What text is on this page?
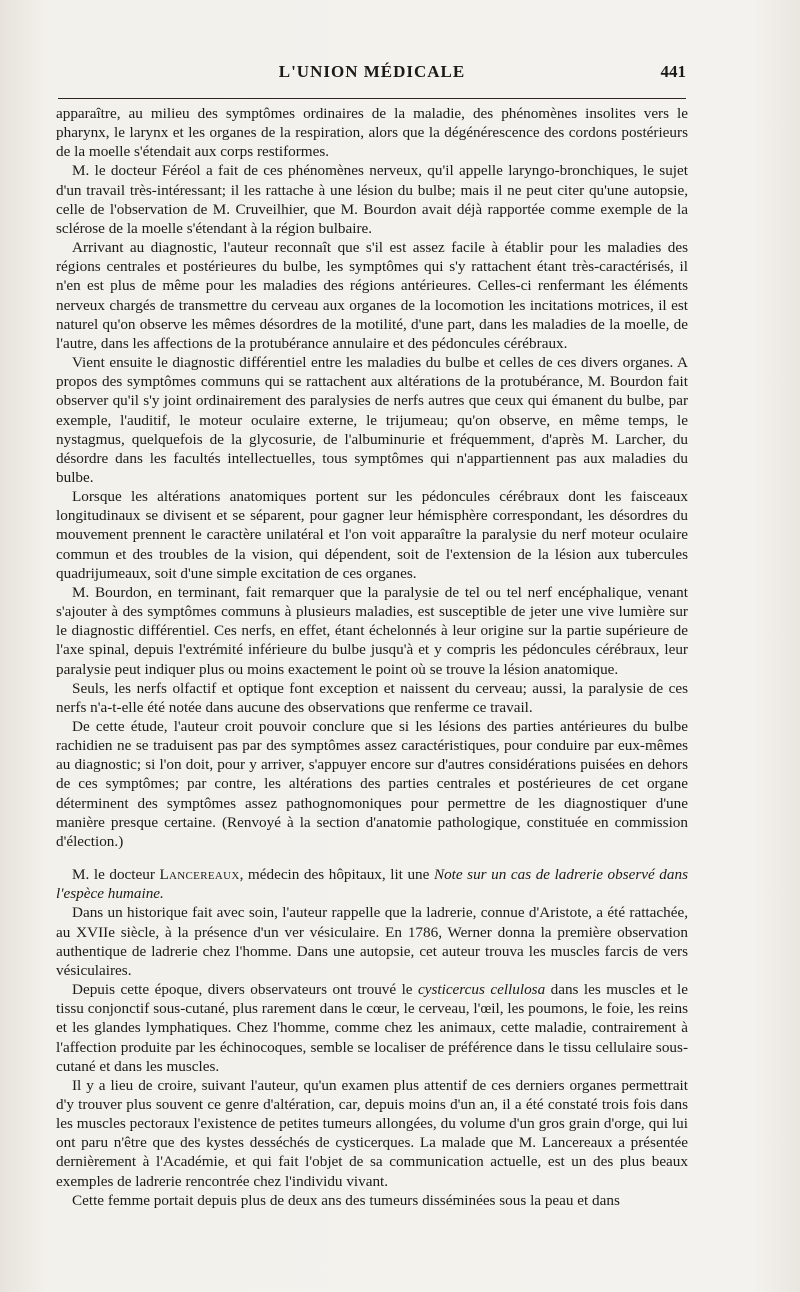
L'UNION MÉDICALE	441

apparaître, au milieu des symptômes ordinaires de la maladie, des phénomènes insolites vers le pharynx, le larynx et les organes de la respiration, alors que la dégénérescence des cordons postérieurs de la moelle s'étendait aux corps restiformes.

M. le docteur Féréol a fait de ces phénomènes nerveux, qu'il appelle laryngo-bronchiques, le sujet d'un travail très-intéressant; il les rattache à une lésion du bulbe; mais il ne peut citer qu'une autopsie, celle de l'observation de M. Cruveilhier, que M. Bourdon avait déjà rapportée comme exemple de la sclérose de la moelle s'étendant à la région bulbaire.

Arrivant au diagnostic, l'auteur reconnaît que s'il est assez facile à établir pour les maladies des régions centrales et postérieures du bulbe, les symptômes qui s'y rattachent étant très-caractérisés, il n'en est plus de même pour les maladies des régions antérieures. Celles-ci renfermant les éléments nerveux chargés de transmettre du cerveau aux organes de la locomotion les incitations motrices, il est naturel qu'on observe les mêmes désordres de la motilité, d'une part, dans les maladies de la moelle, de l'autre, dans les affections de la protubérance annulaire et des pédoncules cérébraux.

Vient ensuite le diagnostic différentiel entre les maladies du bulbe et celles de ces divers organes. A propos des symptômes communs qui se rattachent aux altérations de la protubérance, M. Bourdon fait observer qu'il s'y joint ordinairement des paralysies de nerfs autres que ceux qui émanent du bulbe, par exemple, l'auditif, le moteur oculaire externe, le trijumeau; qu'on observe, en même temps, le nystagmus, quelquefois de la glycosurie, de l'albuminurie et fréquemment, d'après M. Larcher, du désordre dans les facultés intellectuelles, tous symptômes qui n'appartiennent pas aux maladies du bulbe.

Lorsque les altérations anatomiques portent sur les pédoncules cérébraux dont les faisceaux longitudinaux se divisent et se séparent, pour gagner leur hémisphère correspondant, les désordres du mouvement prennent le caractère unilatéral et l'on voit apparaître la paralysie du nerf moteur oculaire commun et des troubles de la vision, qui dépendent, soit de l'extension de la lésion aux tubercules quadrijumeaux, soit d'une simple excitation de ces organes.

M. Bourdon, en terminant, fait remarquer que la paralysie de tel ou tel nerf encéphalique, venant s'ajouter à des symptômes communs à plusieurs maladies, est susceptible de jeter une vive lumière sur le diagnostic différentiel. Ces nerfs, en effet, étant échelonnés à leur origine sur la partie supérieure de l'axe spinal, depuis l'extrémité inférieure du bulbe jusqu'à et y compris les pédoncules cérébraux, leur paralysie peut indiquer plus ou moins exactement le point où se trouve la lésion anatomique.

Seuls, les nerfs olfactif et optique font exception et naissent du cerveau; aussi, la paralysie de ces nerfs n'a-t-elle été notée dans aucune des observations que renferme ce travail.

De cette étude, l'auteur croit pouvoir conclure que si les lésions des parties antérieures du bulbe rachidien ne se traduisent pas par des symptômes assez caractéristiques, pour conduire par eux-mêmes au diagnostic; si l'on doit, pour y arriver, s'appuyer encore sur d'autres considérations puisées en dehors de ces symptômes; par contre, les altérations des parties centrales et postérieures de cet organe déterminent des symptômes assez pathognomoniques pour permettre de les diagnostiquer d'une manière presque certaine. (Renvoyé à la section d'anatomie pathologique, constituée en commission d'élection.)

M. le docteur Lancereaux, médecin des hôpitaux, lit une Note sur un cas de ladrerie observé dans l'espèce humaine.

Dans un historique fait avec soin, l'auteur rappelle que la ladrerie, connue d'Aristote, a été rattachée, au XVIIe siècle, à la présence d'un ver vésiculaire. En 1786, Werner donna la première observation authentique de ladrerie chez l'homme. Dans une autopsie, cet auteur trouva les muscles farcis de vers vésiculaires.

Depuis cette époque, divers observateurs ont trouvé le cysticercus cellulosa dans les muscles et le tissu conjonctif sous-cutané, plus rarement dans le cœur, le cerveau, l'œil, les poumons, le foie, les reins et les glandes lymphatiques. Chez l'homme, comme chez les animaux, cette maladie, contrairement à l'affection produite par les échinocoques, semble se localiser de préférence dans le tissu cellulaire sous-cutané et dans les muscles.

Il y a lieu de croire, suivant l'auteur, qu'un examen plus attentif de ces derniers organes permettrait d'y trouver plus souvent ce genre d'altération, car, depuis moins d'un an, il a été constaté trois fois dans les muscles pectoraux l'existence de petites tumeurs allongées, du volume d'un gros grain d'orge, qui lui ont paru n'être que des kystes desséchés de cysticerques. La malade que M. Lancereaux a présentée dernièrement à l'Académie, et qui fait l'objet de sa communication actuelle, est un des plus beaux exemples de ladrerie rencontrée chez l'individu vivant.

Cette femme portait depuis plus de deux ans des tumeurs disséminées sous la peau et dans
